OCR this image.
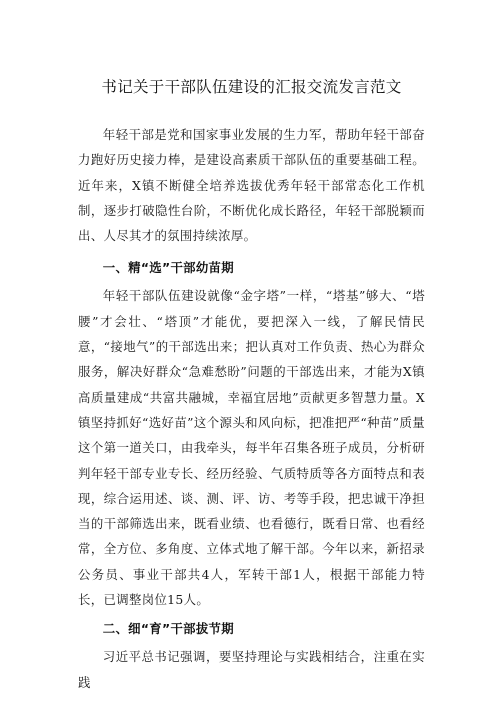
书记关于干部队伍建设的汇报交流发言范文

年轻干部是党和国家事业发展的生力军，帮助年轻干部奋力跑好历史接力棒，是建设高素质干部队伍的重要基础工程。近年来，X镇不断健全培养选拔优秀年轻干部常态化工作机制，逐步打破隐性台阶，不断优化成长路径，年轻干部脱颖而出、人尽其才的氛围持续浓厚。

一、精“选”干部幼苗期

年轻干部队伍建设就像“金字塔”一样，“塔基”够大、“塔腰”才会壮、“塔顶”才能优，要把深入一线，了解民情民意，“接地气”的干部选出来；把认真对工作负责、热心为群众服务，解决好群众“急难愁盼”问题的干部选出来，才能为X镇高质量建成“共富共融城，幸福宜居地”贡献更多智慧力量。X镇坚持抓好“选好苗”这个源头和风向标，把准把严“种苗”质量这个第一道关口，由我牵头，每半年召集各班子成员，分析研判年轻干部专业专长、经历经验、气质特质等各方面特点和表现，综合运用述、谈、测、评、访、考等手段，把忠诚干净担当的干部筛选出来，既看业绩、也看德行，既看日常、也看经常，全方位、多角度、立体式地了解干部。今年以来，新招录公务员、事业干部共4人，军转干部1人，根据干部能力特长，已调整岗位15人。

二、细“育”干部拔节期

习近平总书记强调，要坚持理论与实践相结合，注重在实践
